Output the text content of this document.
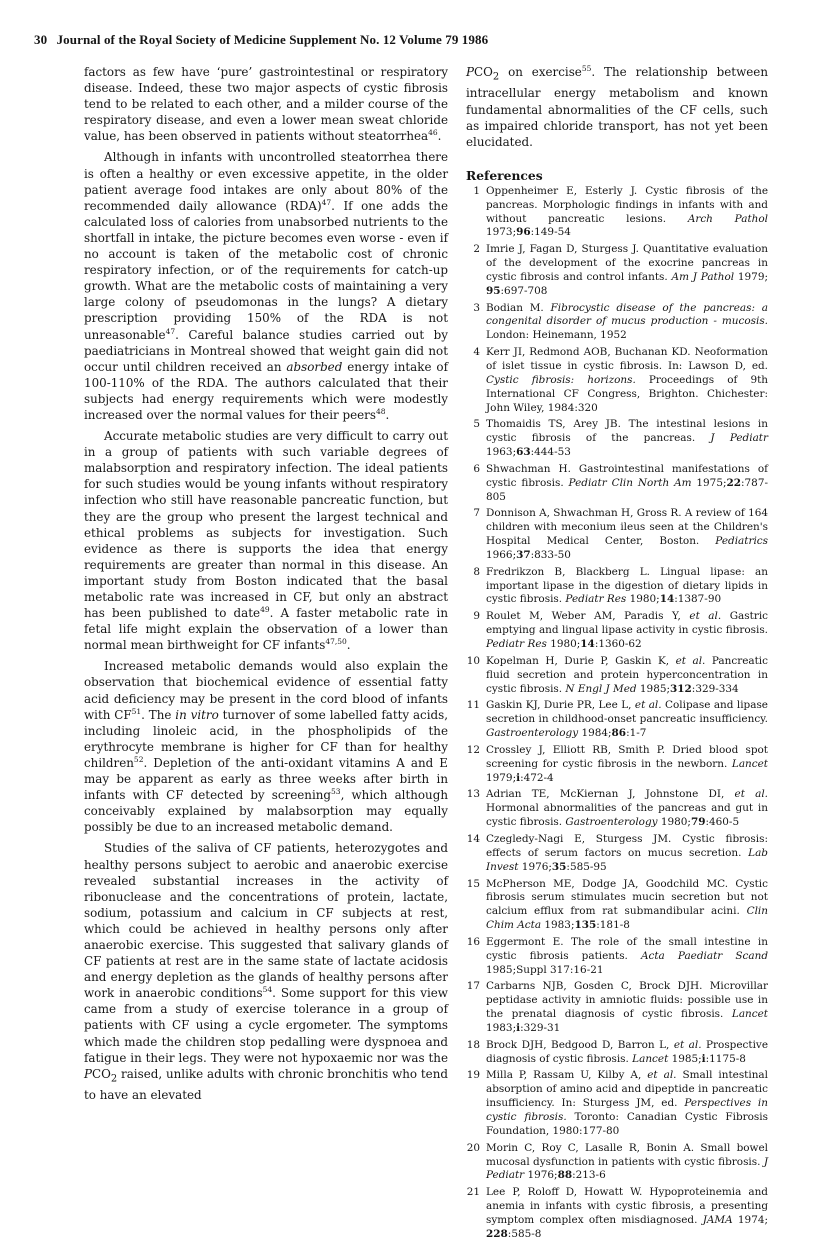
30 Journal of the Royal Society of Medicine Supplement No. 12 Volume 79 1986

factors as few have ‘pure’ gastrointestinal or respiratory disease. Indeed, these two major aspects of cystic fibrosis tend to be related to each other, and a milder course of the respiratory disease, and even a lower mean sweat chloride value, has been observed in patients without steatorrhea$^{46}$.

Although in infants with uncontrolled steatorrhea there is often a healthy or even excessive appetite, in the older patient average food intakes are only about 80% of the recommended daily allowance (RDA)$^{47}$. If one adds the calculated loss of calories from unabsorbed nutrients to the shortfall in intake, the picture becomes even worse - even if no account is taken of the metabolic cost of chronic respiratory infection, or of the requirements for catch-up growth. What are the metabolic costs of maintaining a very large colony of pseudomonas in the lungs? A dietary prescription providing 150% of the RDA is not unreasonable$^{47}$. Careful balance studies carried out by paediatricians in Montreal showed that weight gain did not occur until children received an absorbed energy intake of 100-110% of the RDA. The authors calculated that their subjects had energy requirements which were modestly increased over the normal values for their peers$^{48}$.

Accurate metabolic studies are very difficult to carry out in a group of patients with such variable degrees of malabsorption and respiratory infection. The ideal patients for such studies would be young infants without respiratory infection who still have reasonable pancreatic function, but they are the group who present the largest technical and ethical problems as subjects for investigation. Such evidence as there is supports the idea that energy requirements are greater than normal in this disease. An important study from Boston indicated that the basal metabolic rate was increased in CF, but only an abstract has been published to date$^{49}$. A faster metabolic rate in fetal life might explain the observation of a lower than normal mean birthweight for CF infants$^{47,50}$.

Increased metabolic demands would also explain the observation that biochemical evidence of essential fatty acid deficiency may be present in the cord blood of infants with CF$^{51}$. The in vitro turnover of some labelled fatty acids, including linoleic acid, in the phospholipids of the erythrocyte membrane is higher for CF than for healthy children$^{52}$. Depletion of the anti-oxidant vitamins A and E may be apparent as early as three weeks after birth in infants with CF detected by screening$^{53}$, which although conceivably explained by malabsorption may equally possibly be due to an increased metabolic demand.

Studies of the saliva of CF patients, heterozygotes and healthy persons subject to aerobic and anaerobic exercise revealed substantial increases in the activity of ribonuclease and the concentrations of protein, lactate, sodium, potassium and calcium in CF subjects at rest, which could be achieved in healthy persons only after anaerobic exercise. This suggested that salivary glands of CF patients at rest are in the same state of lactate acidosis and energy depletion as the glands of healthy persons after work in anaerobic conditions$^{54}$. Some support for this view came from a study of exercise tolerance in a group of patients with CF using a cycle ergometer. The symptoms which made the children stop pedalling were dyspnoea and fatigue in their legs. They were not hypoxaemic nor was the $PCO_2$ raised, unlike adults with chronic bronchitis who tend to have an elevated

$PCO_2$ on exercise$^{55}$. The relationship between intracellular energy metabolism and known fundamental abnormalities of the CF cells, such as impaired chloride transport, has not yet been elucidated.

References
1 Oppenheimer E, Esterly J. Cystic fibrosis of the pancreas. Morphologic findings in infants with and without pancreatic lesions. Arch Pathol 1973;96:149-54
2 Imrie J, Fagan D, Sturgess J. Quantitative evaluation of the development of the exocrine pancreas in cystic fibrosis and control infants. Am J Pathol 1979; 95:697-708
3 Bodian M. Fibrocystic disease of the pancreas: a congenital disorder of mucus production - mucosis. London: Heinemann, 1952
4 Kerr JI, Redmond AOB, Buchanan KD. Neoformation of islet tissue in cystic fibrosis. In: Lawson D, ed. Cystic fibrosis: horizons. Proceedings of 9th International CF Congress, Brighton. Chichester: John Wiley, 1984:320
5 Thomaidis TS, Arey JB. The intestinal lesions in cystic fibrosis of the pancreas. J Pediatr 1963;63:444-53
6 Shwachman H. Gastrointestinal manifestations of cystic fibrosis. Pediatr Clin North Am 1975;22:787-805
7 Donnison A, Shwachman H, Gross R. A review of 164 children with meconium ileus seen at the Children's Hospital Medical Center, Boston. Pediatrics 1966;37:833-50
8 Fredrikzon B, Blackberg L. Lingual lipase: an important lipase in the digestion of dietary lipids in cystic fibrosis. Pediatr Res 1980;14:1387-90
9 Roulet M, Weber AM, Paradis Y, et al. Gastric emptying and lingual lipase activity in cystic fibrosis. Pediatr Res 1980;14:1360-62
10 Kopelman H, Durie P, Gaskin K, et al. Pancreatic fluid secretion and protein hyperconcentration in cystic fibrosis. N Engl J Med 1985;312:329-334
11 Gaskin KJ, Durie PR, Lee L, et al. Colipase and lipase secretion in childhood-onset pancreatic insufficiency. Gastroenterology 1984;86:1-7
12 Crossley J, Elliott RB, Smith P. Dried blood spot screening for cystic fibrosis in the newborn. Lancet 1979;i:472-4
13 Adrian TE, McKiernan J, Johnstone DI, et al. Hormonal abnormalities of the pancreas and gut in cystic fibrosis. Gastroenterology 1980;79:460-5
14 Czegledy-Nagi E, Sturgess JM. Cystic fibrosis: effects of serum factors on mucus secretion. Lab Invest 1976;35:585-95
15 McPherson ME, Dodge JA, Goodchild MC. Cystic fibrosis serum stimulates mucin secretion but not calcium efflux from rat submandibular acini. Clin Chim Acta 1983;135:181-8
16 Eggermont E. The role of the small intestine in cystic fibrosis patients. Acta Paediatr Scand 1985;Suppl 317:16-21
17 Carbarns NJB, Gosden C, Brock DJH. Microvillar peptidase activity in amniotic fluids: possible use in the prenatal diagnosis of cystic fibrosis. Lancet 1983;i:329-31
18 Brock DJH, Bedgood D, Barron L, et al. Prospective diagnosis of cystic fibrosis. Lancet 1985;i:1175-8
19 Milla P, Rassam U, Kilby A, et al. Small intestinal absorption of amino acid and dipeptide in pancreatic insufficiency. In: Sturgess JM, ed. Perspectives in cystic fibrosis. Toronto: Canadian Cystic Fibrosis Foundation, 1980:177-80
20 Morin C, Roy C, Lasalle R, Bonin A. Small bowel mucosal dysfunction in patients with cystic fibrosis. J Pediatr 1976;88:213-6
21 Lee P, Roloff D, Howatt W. Hypoproteinemia and anemia in infants with cystic fibrosis, a presenting symptom complex often misdiagnosed. JAMA 1974; 228:585-8
